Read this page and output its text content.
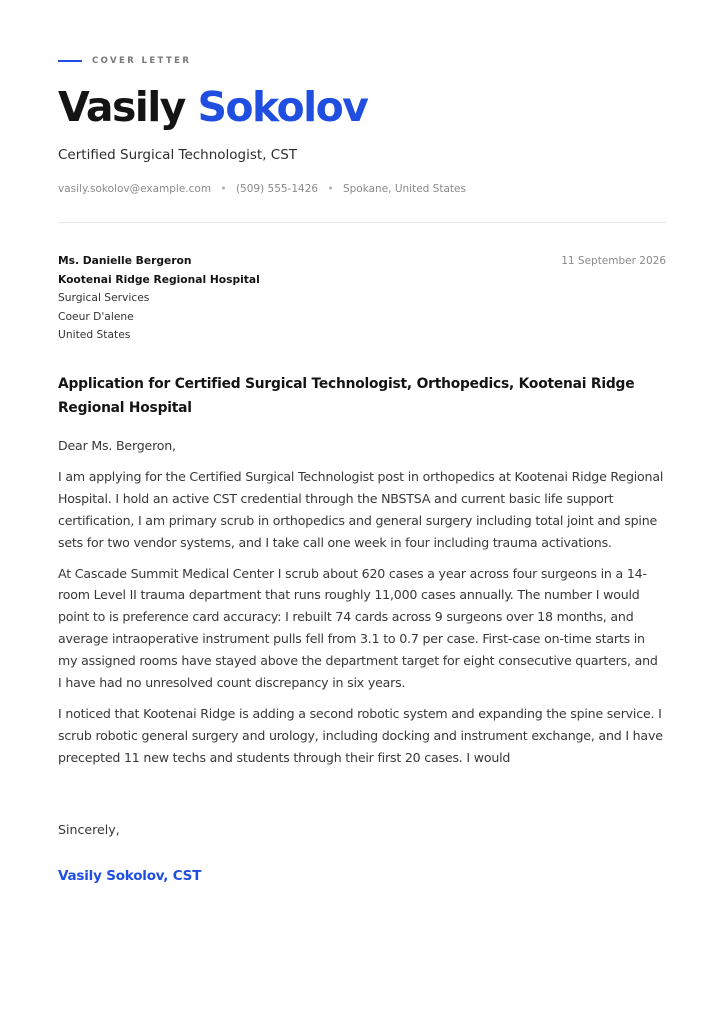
COVER LETTER
Vasily Sokolov
Certified Surgical Technologist, CST
vasily.sokolov@example.com • (509) 555-1426 • Spokane, United States
Ms. Danielle Bergeron
Kootenai Ridge Regional Hospital
Surgical Services
Coeur D'alene
United States
11 September 2026
Application for Certified Surgical Technologist, Orthopedics, Kootenai Ridge Regional Hospital

Dear Ms. Bergeron,

I am applying for the Certified Surgical Technologist post in orthopedics at Kootenai Ridge Regional Hospital. I hold an active CST credential through the NBSTSA and current basic life support certification, I am primary scrub in orthopedics and general surgery including total joint and spine sets for two vendor systems, and I take call one week in four including trauma activations.

At Cascade Summit Medical Center I scrub about 620 cases a year across four surgeons in a 14-room Level II trauma department that runs roughly 11,000 cases annually. The number I would point to is preference card accuracy: I rebuilt 74 cards across 9 surgeons over 18 months, and average intraoperative instrument pulls fell from 3.1 to 0.7 per case. First-case on-time starts in my assigned rooms have stayed above the department target for eight consecutive quarters, and I have had no unresolved count discrepancy in six years.

I noticed that Kootenai Ridge is adding a second robotic system and expanding the spine service. I scrub robotic general surgery and urology, including docking and instrument exchange, and I have precepted 11 new techs and students through their first 20 cases. I would

Sincerely,
Vasily Sokolov, CST
